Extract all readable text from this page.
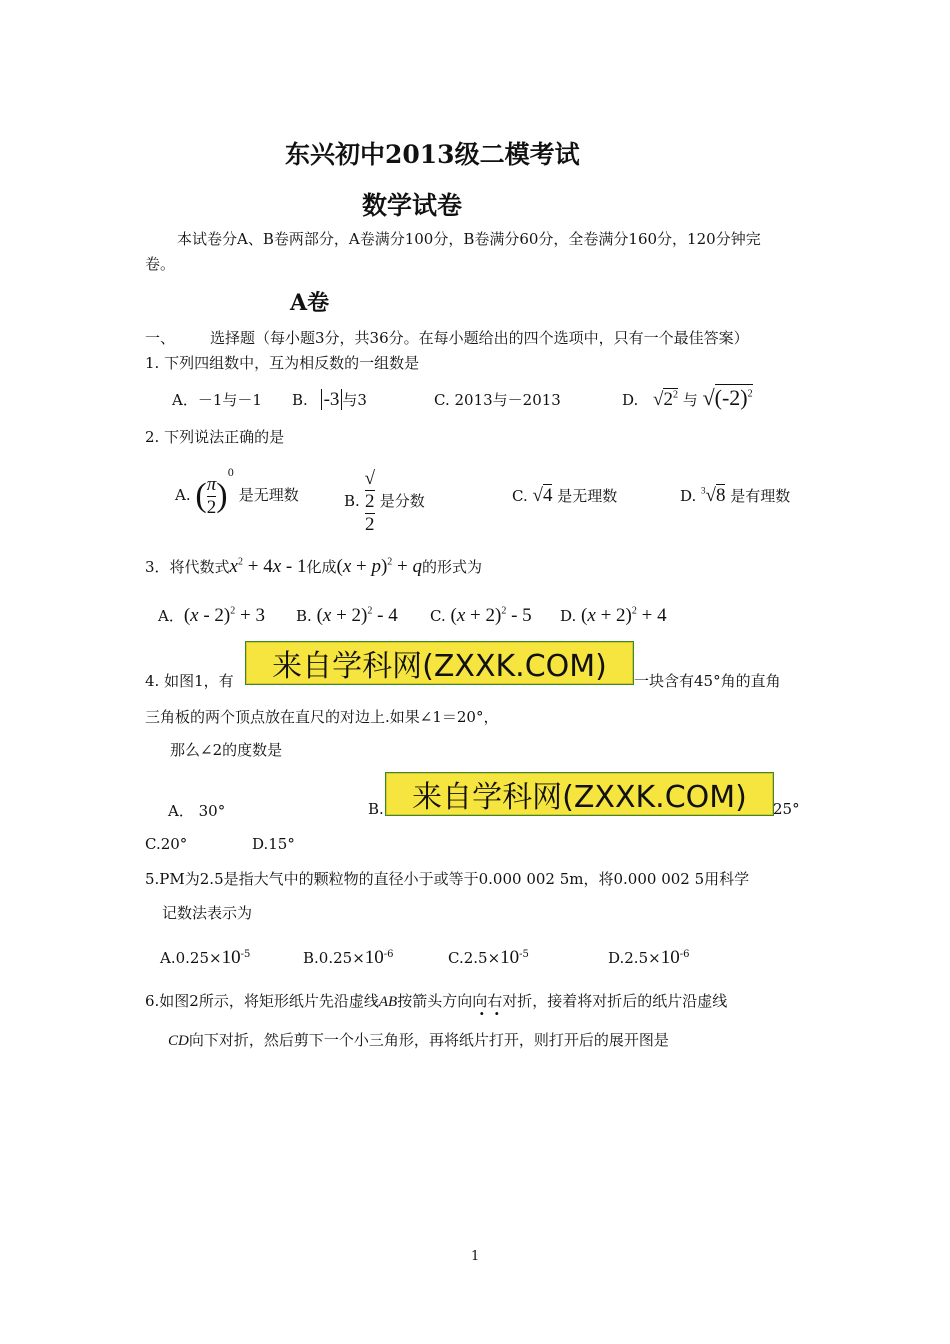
东兴初中2013级二模考试
数学试卷
本试卷分A、B卷两部分，A卷满分100分，B卷满分60分，全卷满分160分，120分钟完
卷。
A卷
一、 选择题（每小题3分，共36分。在每小题给出的四个选项中，只有一个最佳答案）
1. 下列四组数中，互为相反数的一组数是
A．－1与－1 B. -3 与3	C. 2013与－2013	D. $√2^2$ 与 $√(-2)^2$
2. 下列说法正确的是
A. ( $\frac{\pi}{2} )^0$ 是无理数	B. √
2
2 是分数	C. √4 是无理数	D. $^3$√8 是有理数
3．将代数式$x^2 + 4x - 1$化成$(x + p)^2 + q$的形式为
A．(x - 2)$^2$ + 3 B. $(x + 2)^2 - 4$ C. $(x + 2)^2 - 5$ D. $(x + 2)^2 + 4$
4. 如图1，有	一块含有45°角的直角
来自学科网(ZXXK.COM)
三角板的两个顶点放在直尺的对边上.如果∠1＝20°，
那么∠2的度数是
A． 30°	B. 来自学科网(ZXXK.COM)	25°
C.20°	D.15°
5.PM为2.5是指大气中的颗粒物的直径小于或等于0.000 002 5m，将0.000 002 5用科学
记数法表示为
$A.0.25\times 10^{-5}$	$B.0.25\times 10^{-6}$	$C.2.5\times 10^{-5}$	$D.2.5\times 10^{-6}$
6.如图2所示，将矩形纸片先沿虚线AB按箭头方向向右对折，接着将对折后的纸片沿虚线
CD向下对折，然后剪下一个小三角形，再将纸片打开，则打开后的展开图是
1
